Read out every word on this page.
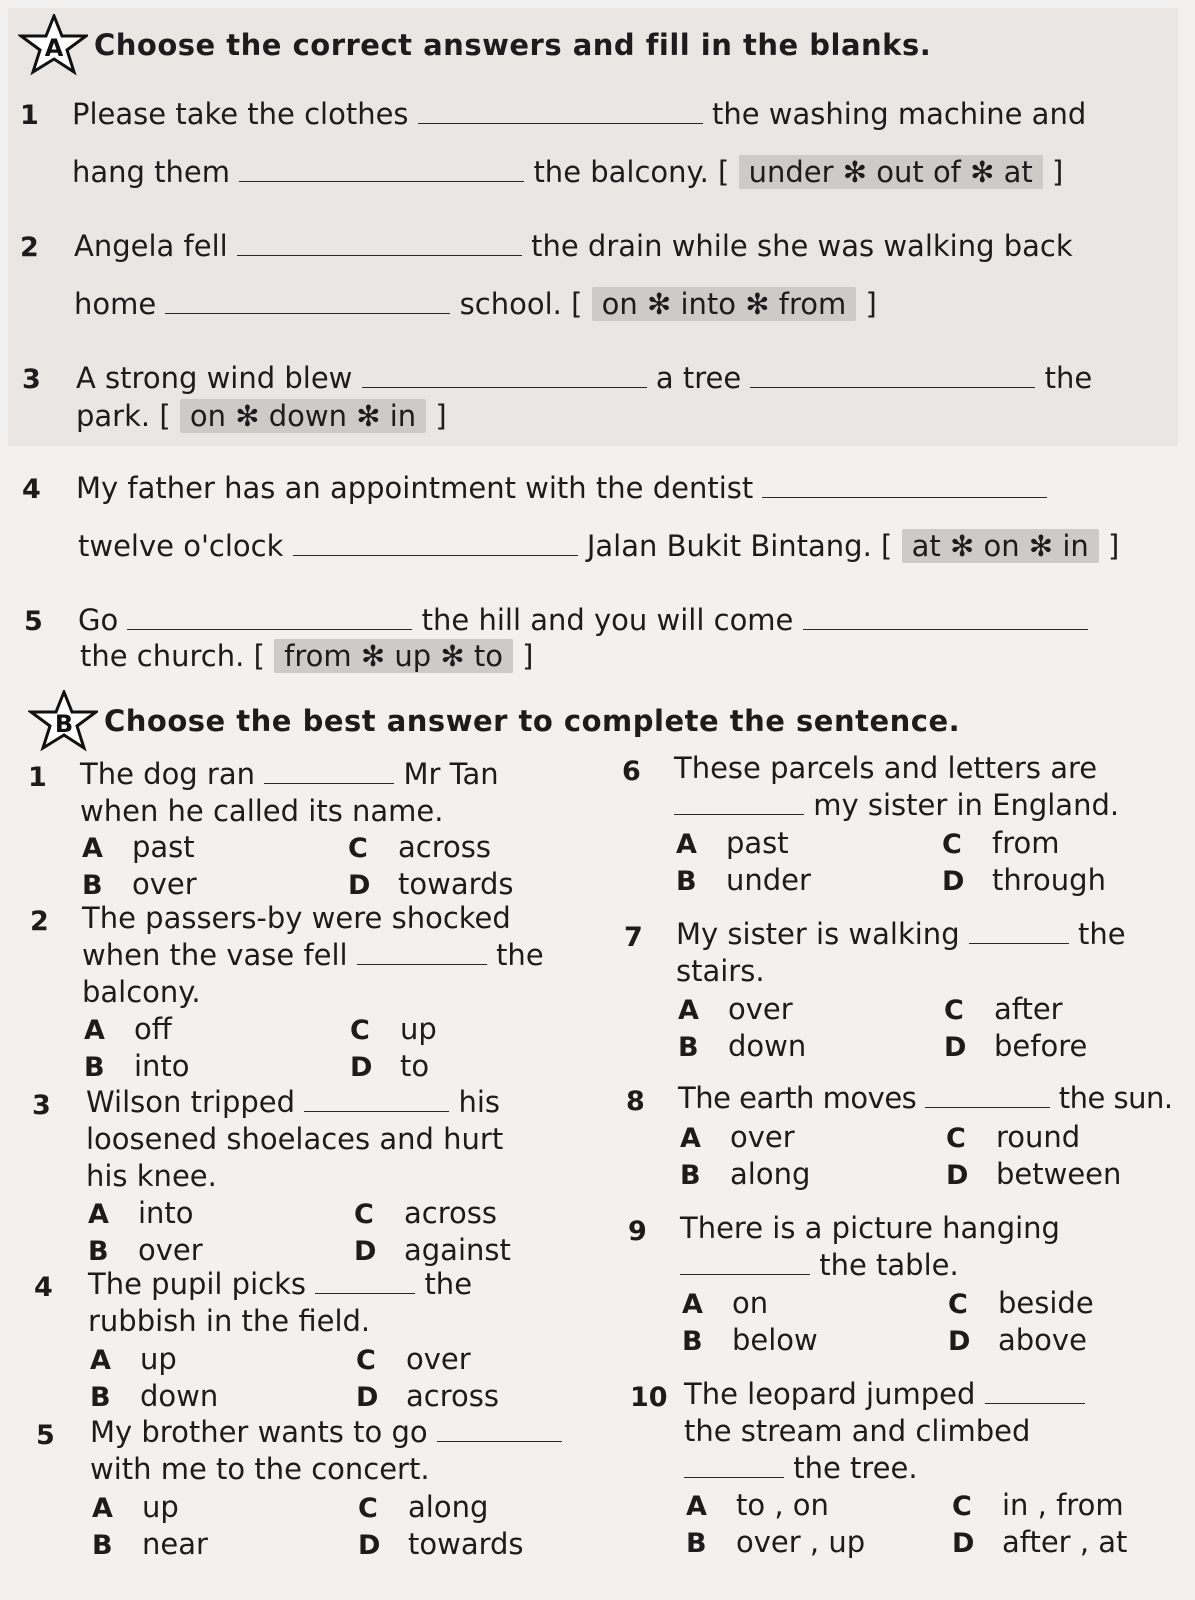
A Choose the correct answers and fill in the blanks.
1 Please take the clothes	the washing machine and
hang them	the balcony. [ under ✻ out of ✻ at ]
2 Angela fell	the drain while she was walking back
home	school. [ on ✻ into ✻ from ]
3 A strong wind blew	a tree	the
park. [ on ✻ down ✻ in ]
4 My father has an appointment with the dentist
twelve o'clock	Jalan Bukit Bintang. [ at ✻ on ✻ in ]
5 Go	the hill and you will come
the church. [ from ✻ up ✻ to ]
B Choose the best answer to complete the sentence.
1 The dog ran	Mr Tan
when he called its name.
A past
B over
C across
D towards
2 The passers-by were shocked
when the vase fell	the
balcony.
A off
B into
C up
D to
3 Wilson tripped	his
loosened shoelaces and hurt
his knee.
A into
B over
C across
D against
4 The pupil picks	the
rubbish in the field.
A up
B down
C over
D across
5 My brother wants to go
with me to the concert.
A up
B near
C along
D towards
6 These parcels and letters are
my sister in England.
A past
B under
C from
D through
7 My sister is walking	the
stairs.
A over
B down
C after
D before
8 The earth moves	the sun.
A over
B along
C round
D between
9 There is a picture hanging
the table.
A on
B below
C beside
D above
10 The leopard jumped
the stream and climbed
the tree.
A to , on
B over , up
C in , from
D after , at
